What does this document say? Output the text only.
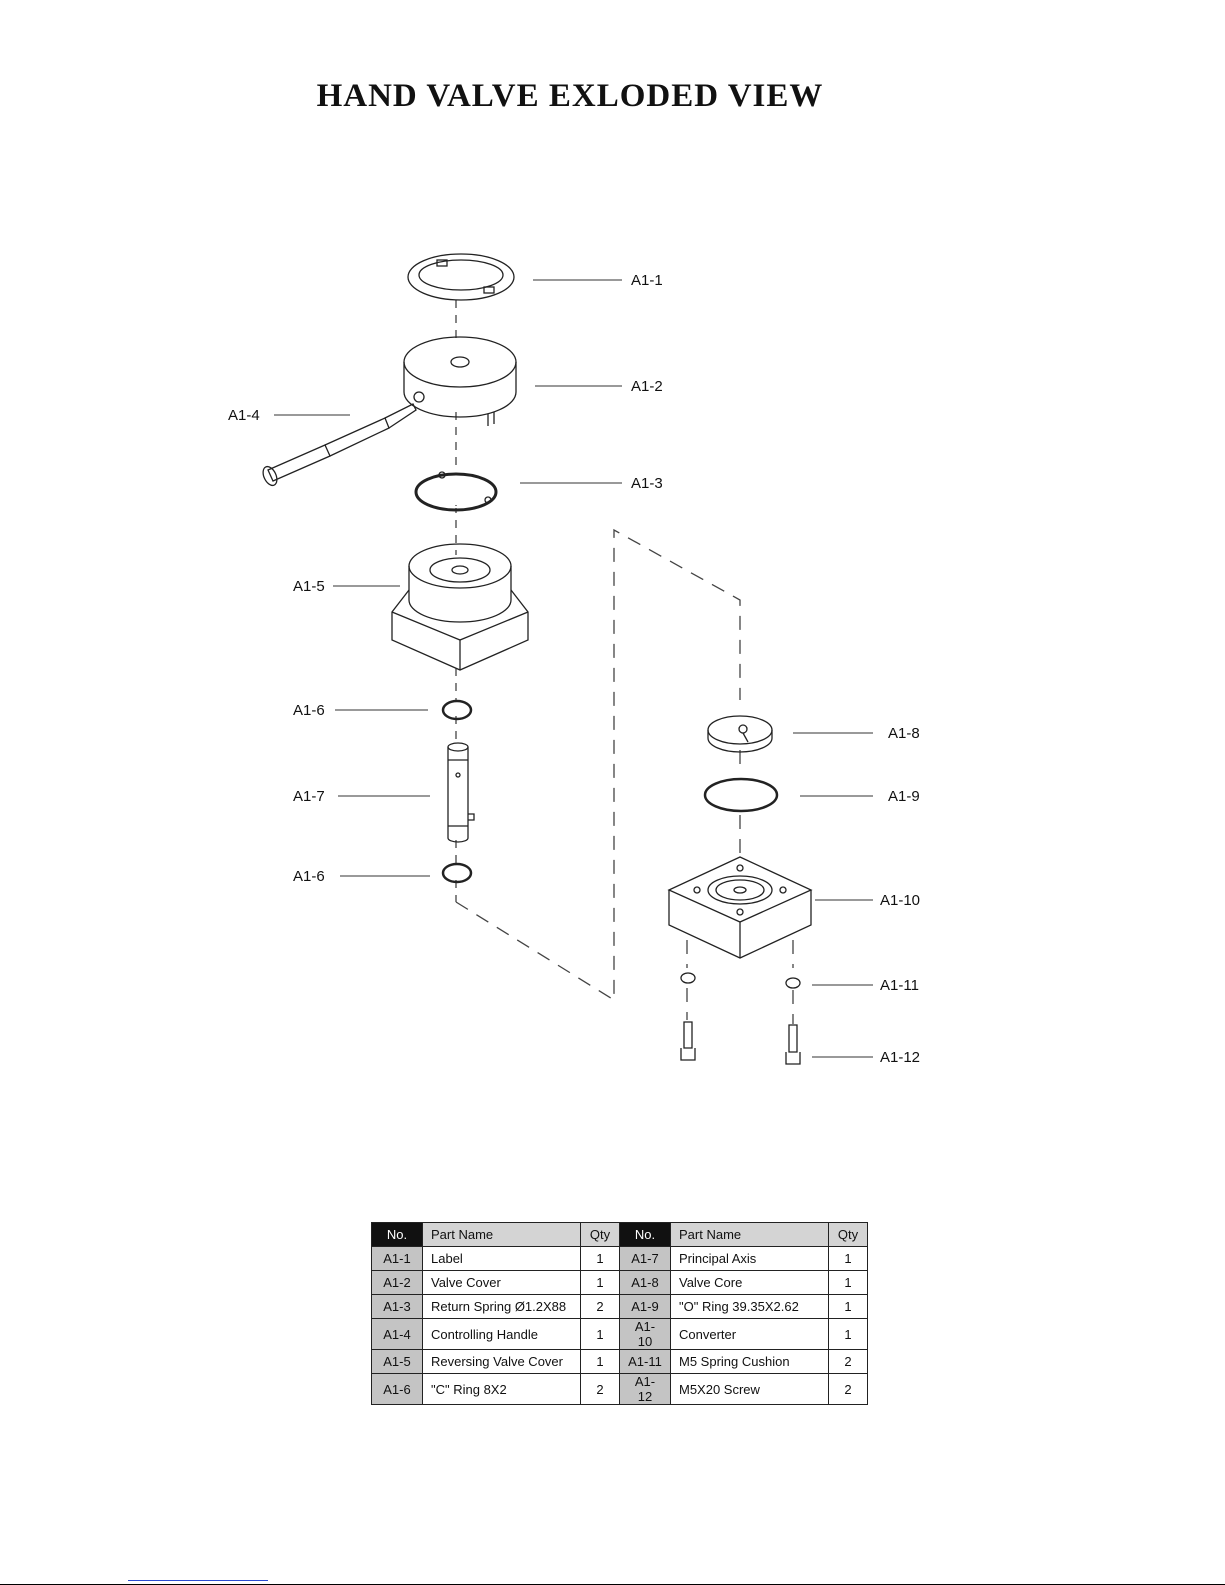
HAND VALVE EXLODED VIEW
A1-1
A1-2
A1-4
A1-3
A1-5
A1-6
A1-7
A1-6
A1-8
A1-9
A1-10
A1-11
A1-12
No.	Part Name	Qty	No.	Part Name	Qty
A1-1	Label	1	A1-7	Principal Axis	1
A1-2	Valve Cover	1	A1-8	Valve Core	1
A1-3	Return Spring Ø1.2X88	2	A1-9	"O" Ring 39.35X2.62	1
A1-4	Controlling Handle	1	A1-10	Converter	1
A1-5	Reversing Valve Cover	1	A1-11	M5 Spring Cushion	2
A1-6	"C" Ring 8X2	2	A1-12	M5X20 Screw	2
